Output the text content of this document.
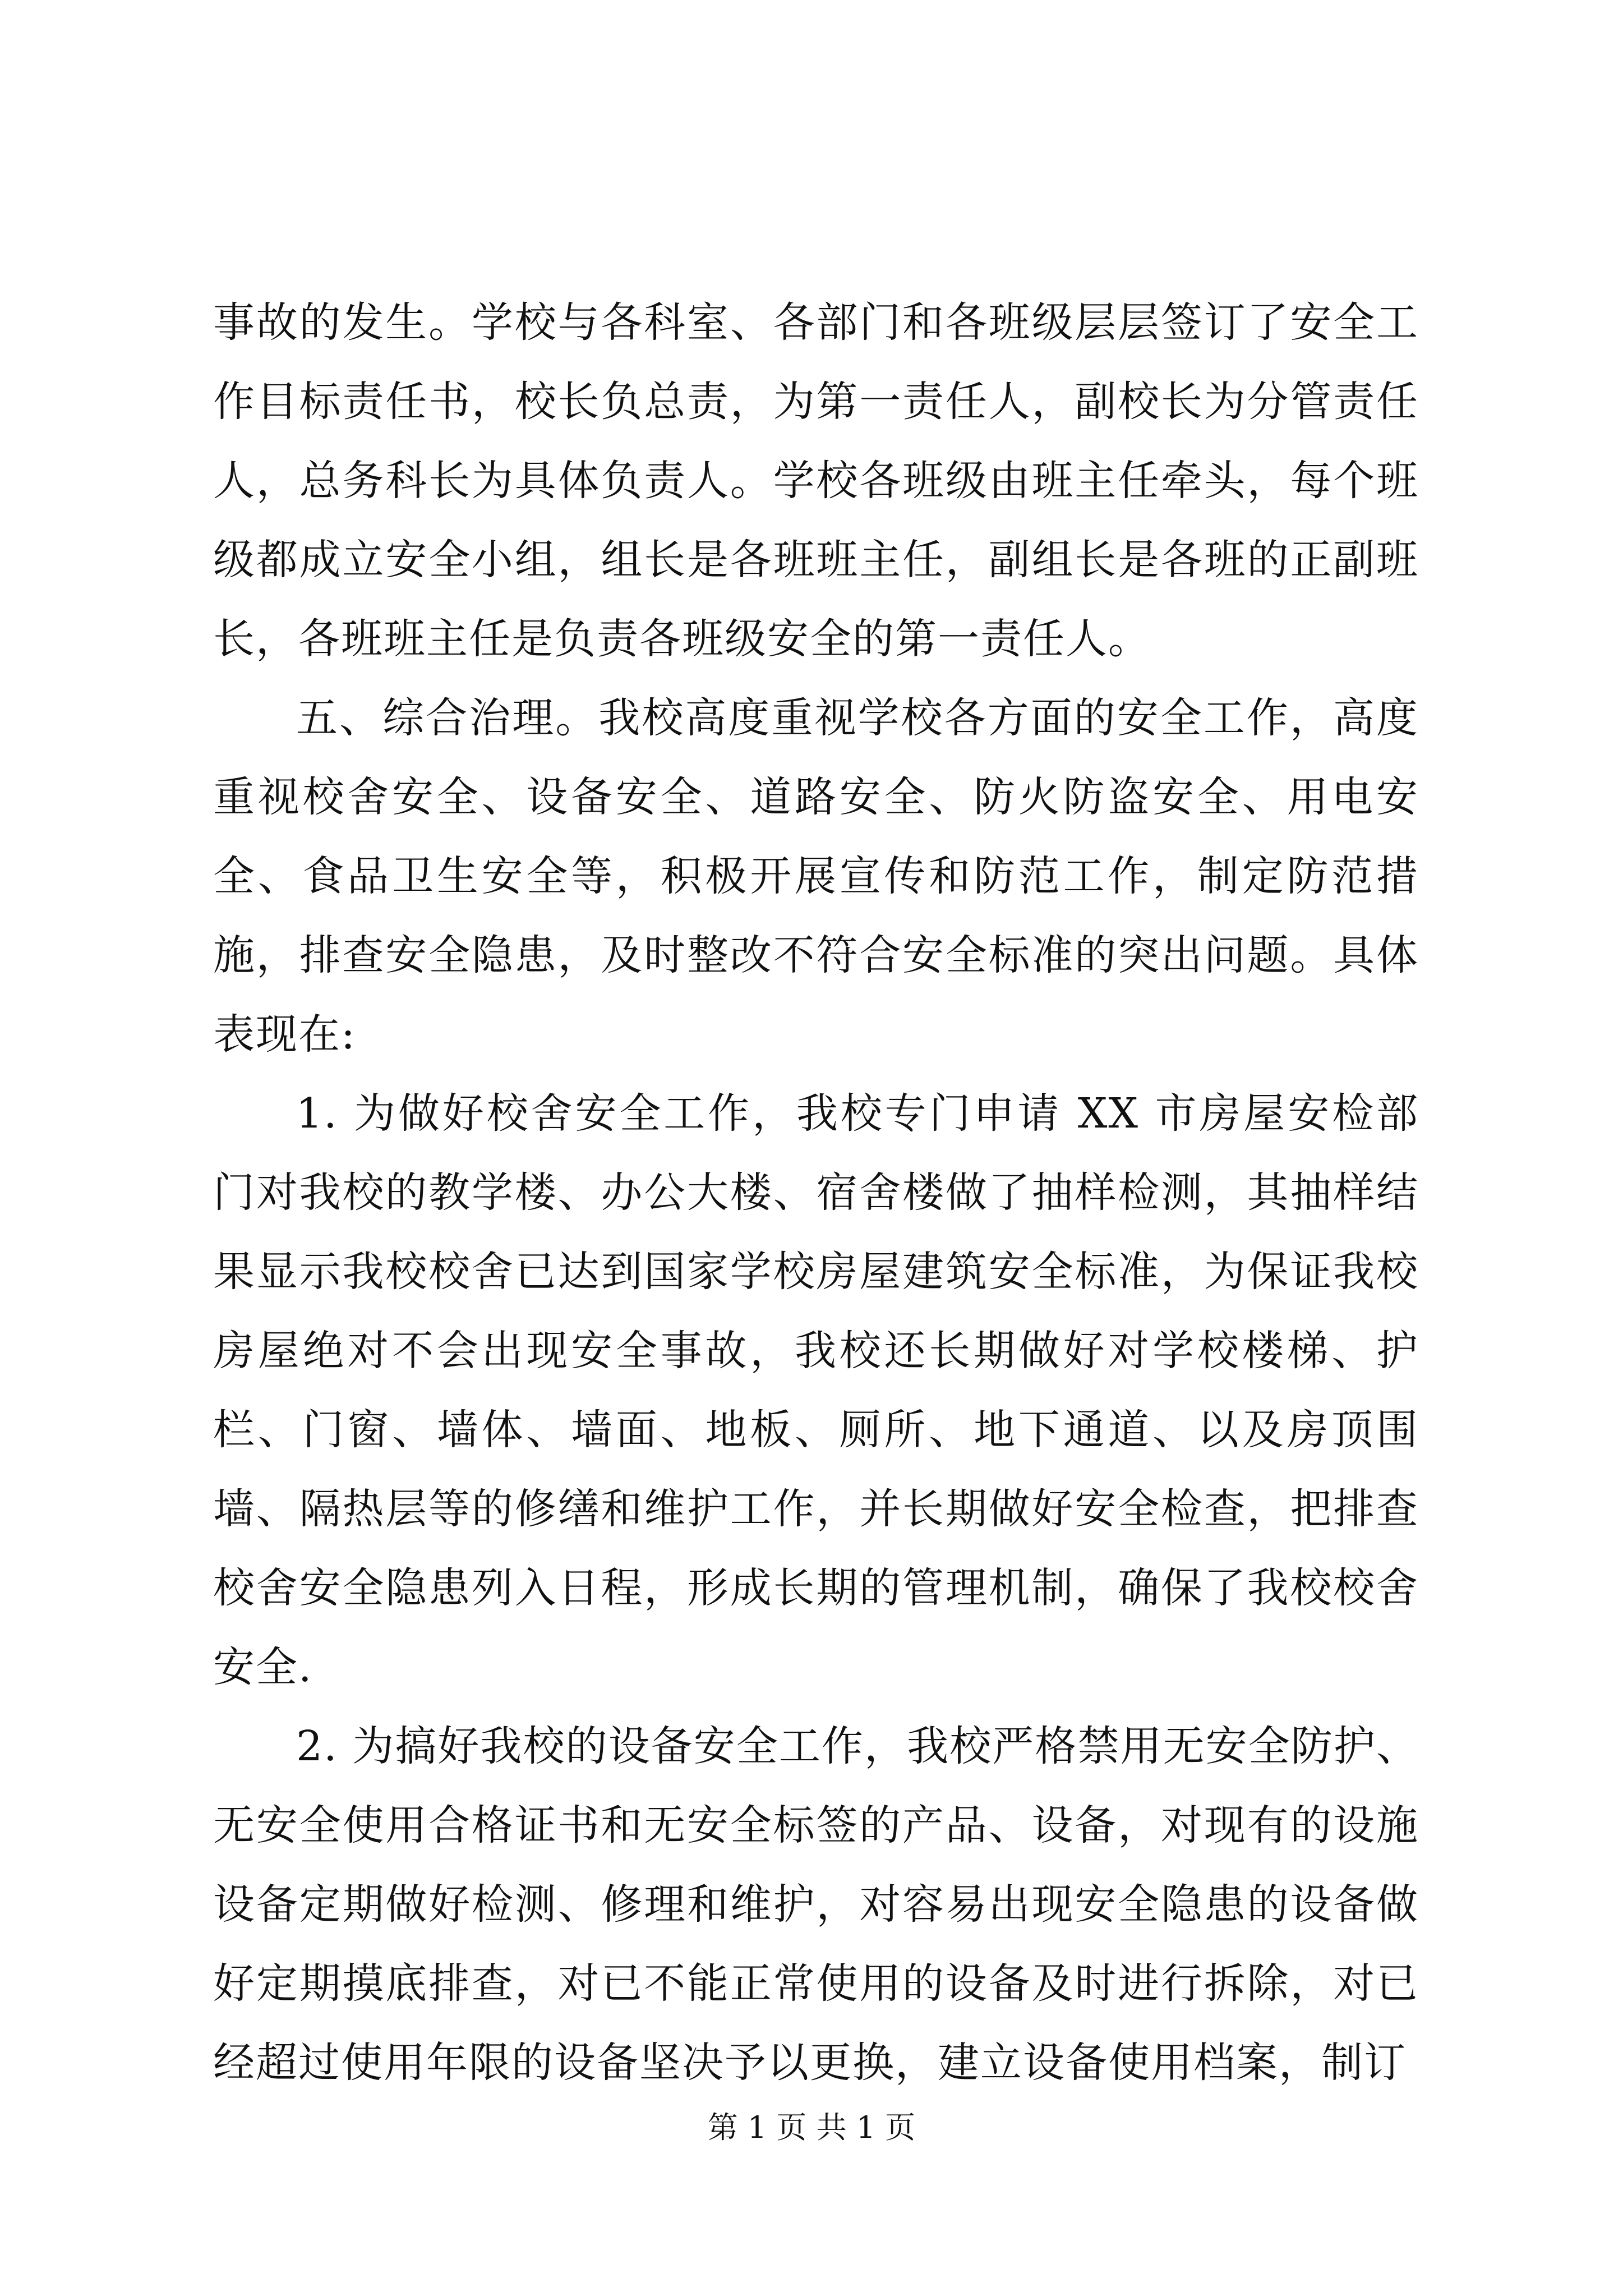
事故的发生。学校与各科室、各部门和各班级层层签订了安全工作目标责任书，校长负总责，为第一责任人，副校长为分管责任人，总务科长为具体负责人。学校各班级由班主任牵头，每个班级都成立安全小组，组长是各班班主任，副组长是各班的正副班长，各班班主任是负责各班级安全的第一责任人。

五、综合治理。我校高度重视学校各方面的安全工作，高度重视校舍安全、设备安全、道路安全、防火防盗安全、用电安全、食品卫生安全等，积极开展宣传和防范工作，制定防范措施，排查安全隐患，及时整改不符合安全标准的突出问题。具体表现在:

1. 为做好校舍安全工作，我校专门申请 XX 市房屋安检部门对我校的教学楼、办公大楼、宿舍楼做了抽样检测，其抽样结果显示我校校舍已达到国家学校房屋建筑安全标准，为保证我校房屋绝对不会出现安全事故，我校还长期做好对学校楼梯、护栏、门窗、墙体、墙面、地板、厕所、地下通道、以及房顶围墙、隔热层等的修缮和维护工作，并长期做好安全检查，把排查校舍安全隐患列入日程，形成长期的管理机制，确保了我校校舍安全.

2. 为搞好我校的设备安全工作，我校严格禁用无安全防护、无安全使用合格证书和无安全标签的产品、设备，对现有的设施设备定期做好检测、修理和维护，对容易出现安全隐患的设备做好定期摸底排查，对已不能正常使用的设备及时进行拆除，对已经超过使用年限的设备坚决予以更换，建立设备使用档案，制订

第 1 页 共 1 页
